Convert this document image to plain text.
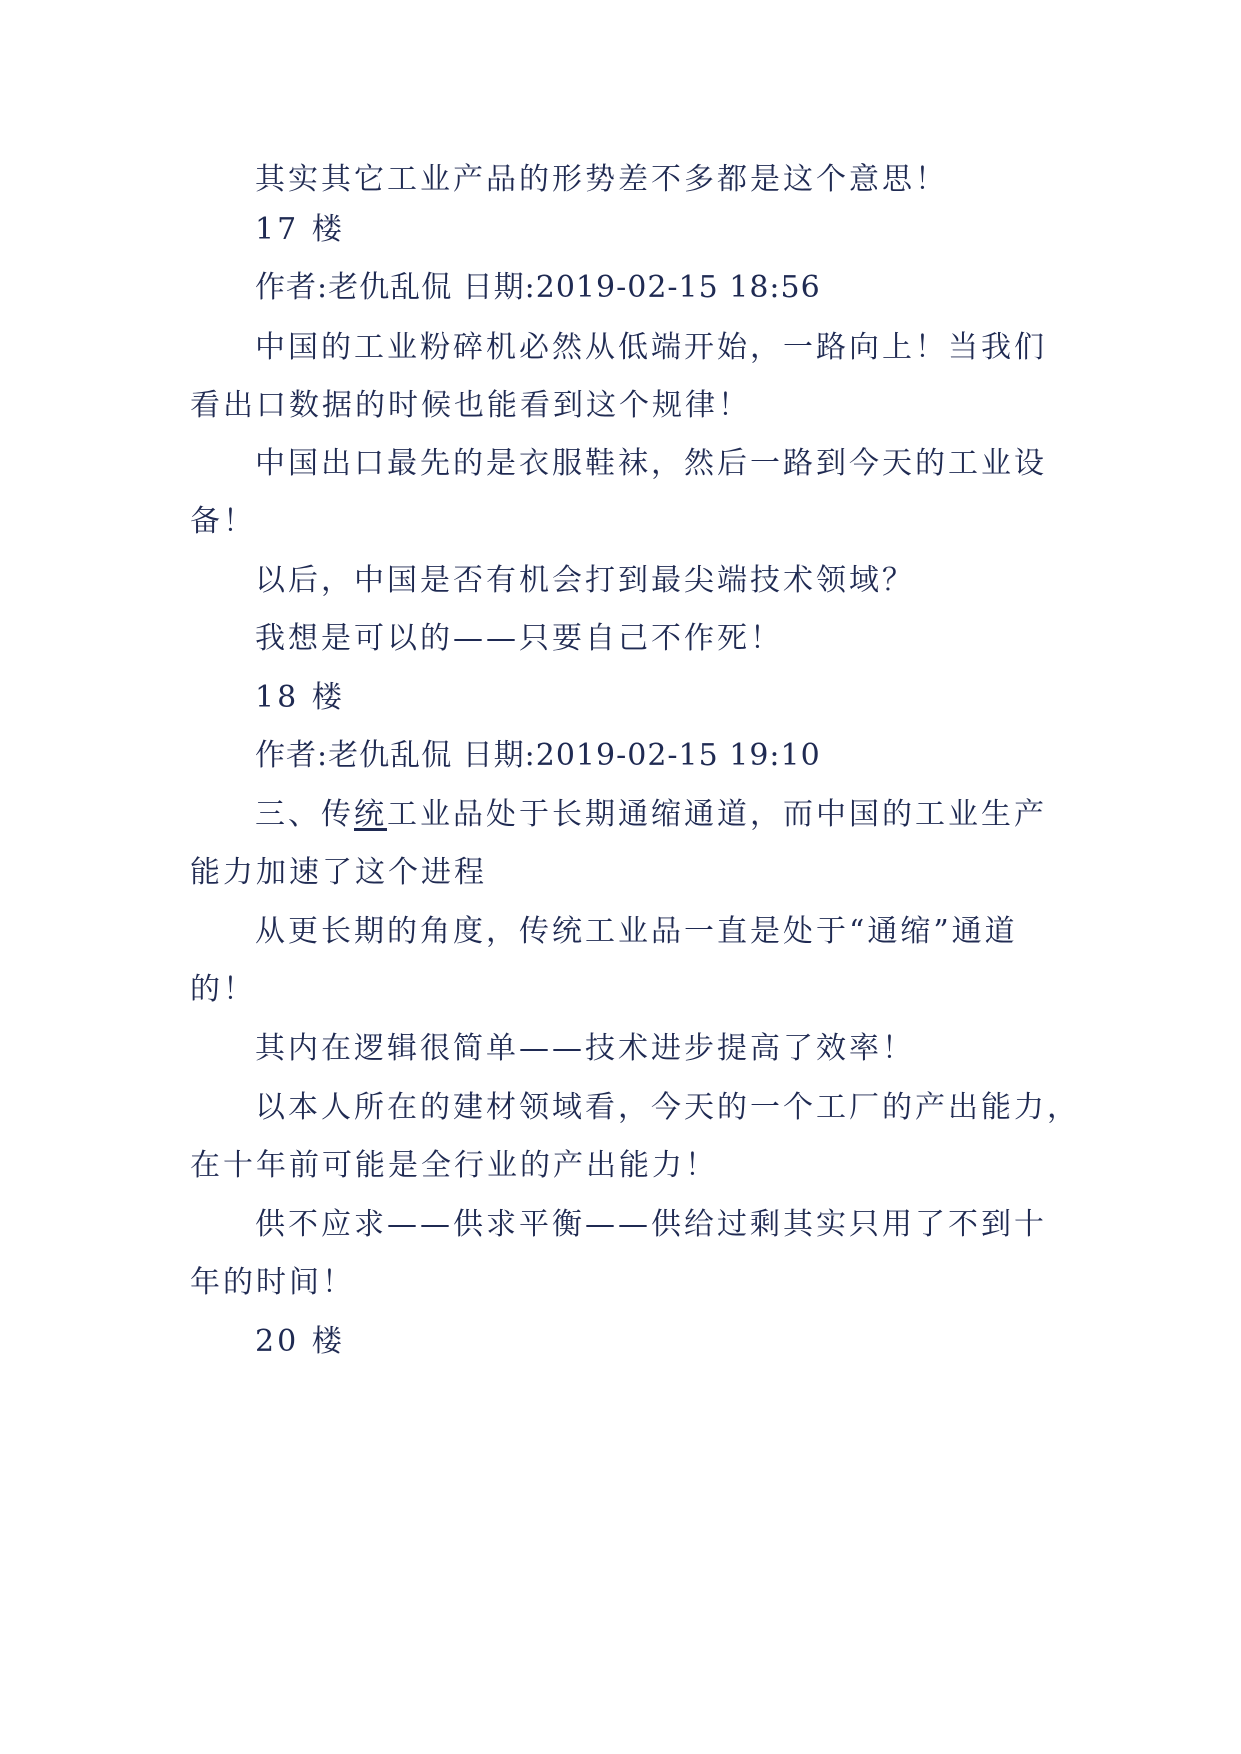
其实其它工业产品的形势差不多都是这个意思！
17 楼
作者:老仇乱侃 日期:2019-02-15 18:56
中国的工业粉碎机必然从低端开始，一路向上！当我们
看出口数据的时候也能看到这个规律！
中国出口最先的是衣服鞋袜，然后一路到今天的工业设
备！
以后，中国是否有机会打到最尖端技术领域？
我想是可以的——只要自己不作死！
18 楼
作者:老仇乱侃 日期:2019-02-15 19:10
三、传统工业品处于长期通缩通道，而中国的工业生产
能力加速了这个进程
从更长期的角度，传统工业品一直是处于“通缩”通道
的！
其内在逻辑很简单——技术进步提高了效率！
以本人所在的建材领域看，今天的一个工厂的产出能力，
在十年前可能是全行业的产出能力！
供不应求——供求平衡——供给过剩其实只用了不到十
年的时间！
20 楼
